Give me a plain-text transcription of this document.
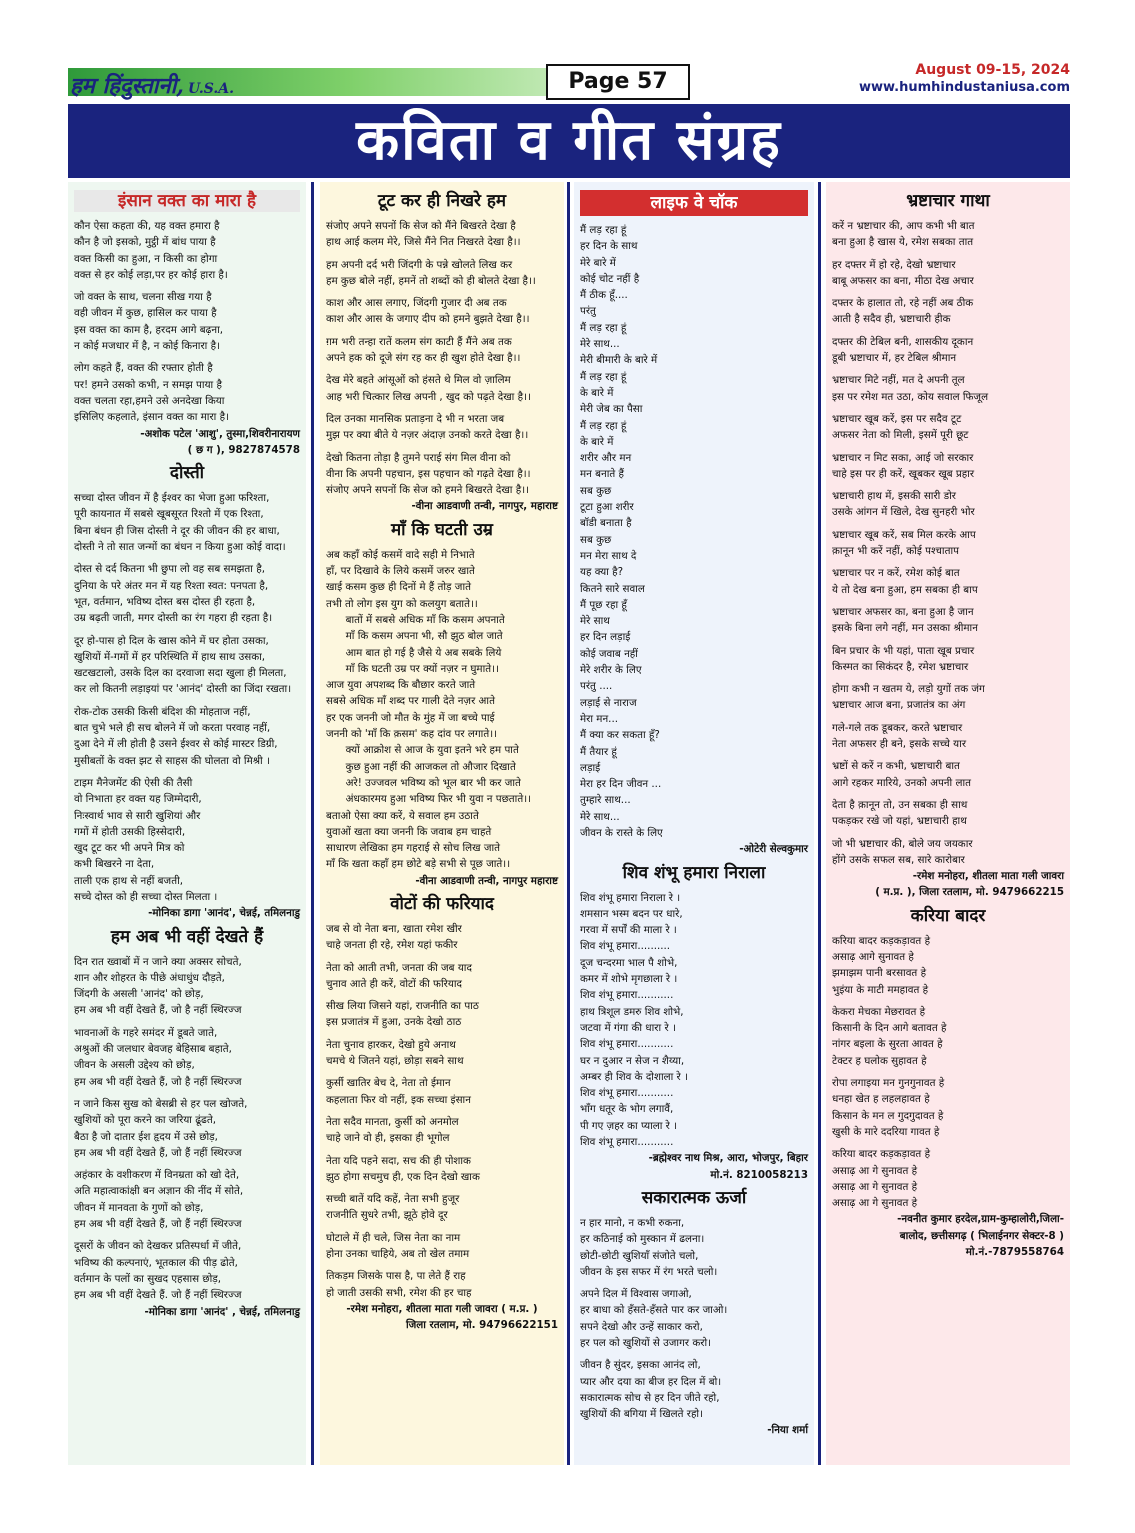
हम हिंदुस्तानी, U.S.A.	Page 57	August 09-15, 2024
www.humhindustaniusa.com
कविता व गीत संग्रह
इंसान वक्त का मारा है
कौन ऐसा कहता की, यह वक्त हमारा है
कौन है जो इसको, मुट्ठी में बांध पाया है
वक्त किसी का हुआ, न किसी का होगा
वक्त से हर कोई लड़ा,पर हर कोई हारा है।
जो वक्त के साथ, चलना सीख गया है
वही जीवन में कुछ, हासिल कर पाया है
इस वक्त का काम है, हरदम आगे बढ़ना,
न कोई मजधार में है, न कोई किनारा है।
लोग कहते हैं, वक्त की रफ्तार होती है
पर! हमने उसको कभी, न समझ पाया है
वक्त चलता रहा,हमने उसे अनदेखा किया
इसिलिए कहलाते, इंसान वक्त का मारा है।
-अशोक पटेल 'आशु', तुस्मा,शिवरीनारायण
( छ ग ), 9827874578
दोस्ती
सच्चा दोस्त जीवन में है ईश्वर का भेजा हुआ फरिश्ता,
पूरी कायनात में सबसे खूबसूरत रिश्तो में एक रिश्ता,
बिना बंधन ही जिस दोस्ती ने दूर की जीवन की हर बाधा,
दोस्ती ने तो सात जन्मों का बंधन न किया हुआ कोई वादा।
दोस्त से दर्द कितना भी छुपा लो वह सब समझता है,
दुनिया के परे अंतर मन में यह रिश्ता स्वत: पनपता है,
भूत, वर्तमान, भविष्य दोस्त बस दोस्त ही रहता है,
उम्र बढ़ती जाती, मगर दोस्ती का रंग गहरा ही रहता है।
दूर हो-पास हो दिल के खास कोने में घर होता उसका,
खुशियों में-गमों में हर परिस्थिति में हाथ साथ उसका,
खटखटालो, उसके दिल का दरवाजा सदा खुला ही मिलता,
कर लो कितनी लड़ाइयां पर 'आनंद' दोस्ती का जिंदा रखता।
रोक-टोक उसकी किसी बंदिश की मोहताज नहीं,
बात चुभे भले ही सच बोलने में जो करता परवाह नहीं,
दुआ देने में ली होती है उसने ईश्वर से कोई मास्टर डिग्री,
मुसीबतों के वक्त झट से साहस की घोलता वो मिश्री ।
टाइम मैनेजमेंट की ऐसी की तैसी
वो निभाता हर वक्त यह जिम्मेदारी,
निःस्वार्थ भाव से सारी खुशियां और
गमों में होती उसकी हिस्सेदारी,
खुद टूट कर भी अपने मित्र को
कभी बिखरने ना देता,
ताली एक हाथ से नहीं बजती,
सच्चे दोस्त को ही सच्चा दोस्त मिलता ।
-मोनिका डागा 'आनंद', चेन्नई, तमिलनाडु
हम अब भी वहीं देखते हैं
दिन रात ख्वाबों में न जाने क्या अक्सर सोचते,
शान और शोहरत के पीछे अंधाधुंध दौड़ते,
जिंदगी के असली 'आनंद' को छोड़,
हम अब भी वहीं देखते हैं, जो है नहीं स्थिरज्ज
भावनाओं के गहरे समंदर में डूबते जाते,
अश्रुओं की जलधार बेवजह बेहिसाब बहाते,
जीवन के असली उद्देश्य को छोड़,
हम अब भी वहीं देखते हैं, जो है नहीं स्थिरज्ज
न जाने किस सुख को बेसब्री से हर पल खोजते,
खुशियों को पूरा करने का जरिया ढूंढते,
बैठा है जो दातार ईश हृदय में उसे छोड़,
हम अब भी वहीं देखते हैं, जो हैं नहीं स्थिरज्ज
अहंकार के वशीकरण में विनम्रता को खो देते,
अति महात्वाकांक्षी बन अज्ञान की नींद में सोते,
जीवन में मानवता के गुणों को छोड़,
हम अब भी वहीं देखते हैं, जो हैं नहीं स्थिरज्ज
दूसरों के जीवन को देखकर प्रतिस्पर्धा में जीते,
भविष्य की कल्पनाएं, भूतकाल की पीड़ ढोते,
वर्तमान के पलों का सुखद एहसास छोड़,
हम अब भी वहीं देखते हैं. जो हैं नहीं स्थिरज्ज
-मोनिका डागा 'आनंद' , चेन्नई, तमिलनाडु
टूट कर ही निखरे हम
संजोए अपने सपनों कि सेज को मैंने बिखरते देखा है
हाथ आई कलम मेरे, जिसे मैंने नित निखरते देखा है।।
हम अपनी दर्द भरी जिंदगी के पन्ने खोलते लिख कर
हम कुछ बोले नहीं, हमनें तो शब्दों को ही बोलते देखा है।।
काश और आस लगाए, जिंदगी गुजार दी अब तक
काश और आस के जगाए दीप को हमने बुझते देखा है।।
ग़म भरी तन्हा रातें कलम संग काटी हैं मैंने अब तक
अपने हक को दूजे संग रह कर ही खुश होते देखा है।।
देख मेरे बहते आंसूओं को हंसते थे मिल वो ज़ालिम
आह भरी चित्कार लिख अपनी , खुद को पढ़ते देखा है।।
दिल उनका मानसिक प्रताड़ना दे भी न भरता जब
मुझ पर क्या बीते ये नज़र अंदाज़ उनको करते देखा है।।
देखो कितना तोड़ा है तुमने पराई संग मिल वीना को
वीना कि अपनी पहचान, इस पहचान को गढ़ते देखा है।।
संजोए अपने सपनों कि सेज को हमने बिखरते देखा है।।
-वीना आडवाणी तन्वी, नागपुर, महाराष्ट
माँ कि घटती उम्र
अब कहाँ कोई कसमें वादे सही मे निभाते
हाँ, पर दिखावे के लिये कसमें जरुर खाते
खाई कसम कुछ ही दिनों मे हैं तोड़ जाते
तभी तो लोग इस युग को कलयुग बताते।।
बातों में सबसे अधिक माँ कि कसम अपनाते
माँ कि कसम अपना भी, सौ झुठ बोल जाते
आम बात हो गई है जैसे ये अब सबके लिये
माँ कि घटती उम्र पर क्यों नज़र न घुमाते।।
आज युवा अपशब्द कि बौछार करते जाते
सबसे अधिक माँ शब्द पर गाली देते नज़र आते
हर एक जननी जो मौत के मुंह में जा बच्चे पाई
जननी को 'माँ कि क़सम' कह दांव पर लगाते।।
क्यों आक्रोश से आज के युवा इतने भरे हम पाते
कुछ हुआ नहीं की आजकल तो औजार दिखाते
अरे! उज्जवल भविष्य को भूल बार भी कर जाते
अंधकारमय हुआ भविष्य फिर भी युवा न पछताते।।
बताओ ऐसा क्या करें, ये सवाल हम उठाते
युवाओं खता क्या जननी कि जवाब हम चाहते
साधारण लेखिका हम गहराई से सोच लिख जाते
माँ कि खता कहाँ हम छोटे बड़े सभी से पूछ जाते।।
-वीना आडवाणी तन्वी, नागपुर महाराष्ट
वोटों की फरियाद
जब से वो नेता बना, खाता रमेश खीर
चाहे जनता ही रहे, रमेश यहां फकीर
नेता को आती तभी, जनता की जब याद
चुनाव आते ही करें, वोटों की फरियाद
सीख लिया जिसने यहां, राजनीति का पाठ
इस प्रजातंत्र में हुआ, उनके देखो ठाठ
नेता चुनाव हारकर, देखो हुये अनाथ
चमचे थे जितने यहां, छोड़ा सबने साथ
कुर्सी खातिर बेच दे, नेता तो ईमान
कहलाता फिर वो नहीं, इक सच्चा इंसान
नेता सदैव मानता, कुर्सी को अनमोल
चाहे जाने वो ही, इसका ही भूगोल
नेता यदि पहने सदा, सच की ही पोशाक
झुठ होगा सचमुच ही, एक दिन देखो खाक
सच्ची बातें यदि कहें, नेता सभी हुजूर
राजनीति सुधरे तभी, झूठे होवे दूर
घोटाले में ही चले, जिस नेता का नाम
होना उनका चाहिये, अब तो खेल तमाम
तिकड़म जिसके पास है, पा लेते हैं राह
हो जाती उसकी सभी, रमेश की हर चाह
-रमेश मनोहरा, शीतला माता गली जावरा ( म.प्र. )
जिला रतलाम, मो. 94796622151
लाइफ वे चॉक
मैं लड़ रहा हूं
हर दिन के साथ
मेरे बारे में
कोई चोट नहीं है
मैं ठीक हूँ....
परंतु
मैं लड़ रहा हूं
मेरे साथ...
मेरी बीमारी के बारे में
मैं लड़ रहा हूं
के बारे में
मेरी जेब का पैसा
मैं लड़ रहा हूं
के बारे में
शरीर और मन
मन बनाते हैं
सब कुछ
टूटा हुआ शरीर
बॉडी बनाता है
सब कुछ
मन मेरा साथ दे
यह क्या है?
कितने सारे सवाल
मैं पूछ रहा हूँ
मेरे साथ
हर दिन लड़ाई
कोई जवाब नहीं
मेरे शरीर के लिए
परंतु ....
लड़ाई से नाराज
मेरा मन...
मैं क्या कर सकता हूँ?
मैं तैयार हूं
लड़ाई
मेरा हर दिन जीवन ...
तुम्हारे साथ...
मेरे साथ...
जीवन के रास्ते के लिए
-ओटेरी सेल्वकुमार
शिव शंभू हमारा निराला
शिव शंभू हमारा निराला रे ।
शमसान भस्म बदन पर धारे,
गरवा में सर्पों की माला रे ।
शिव शंभू हमारा..........
दूज चन्दरमा भाल पै शोभे,
कमर में शोभे मृगछाला रे ।
शिव शंभू हमारा...........
हाथ त्रिशूल डमरु शिव शोभे,
जटवा में गंगा की धारा रे ।
शिव शंभू हमारा...........
घर न दुआर न सेज न शैय्या,
अम्बर ही शिव के दोशाला रे ।
शिव शंभू हमारा...........
भाँग धतूर के भोग लगावैं,
पी गए ज़हर का प्याला रे ।
शिव शंभू हमारा...........
-ब्रह्मेश्वर नाथ मिश्र, आरा, भोजपुर, बिहार
मो.नं. 8210058213
सकारात्मक ऊर्जा
न हार मानो, न कभी रुकना,
हर कठिनाई को मुस्कान में ढलना।
छोटी-छोटी खुशियाँ संजोते चलो,
जीवन के इस सफर में रंग भरते चलो।
अपने दिल में विश्वास जगाओ,
हर बाधा को हँसते-हँसते पार कर जाओ।
सपने देखो और उन्हें साकार करो,
हर पल को खुशियों से उजागर करो।
जीवन है सुंदर, इसका आनंद लो,
प्यार और दया का बीज हर दिल में बो।
सकारात्मक सोच से हर दिन जीते रहो,
खुशियों की बगिया में खिलते रहो।
-निया शर्मा
भ्रष्टाचार गाथा
करें न भ्रष्टाचार की, आप कभी भी बात
बना हुआ है खास ये, रमेश सबका तात
हर दफ्तर में हो रहे, देखो भ्रष्टाचार
बाबू अफसर का बना, मीठा देख अचार
दफ्तर के हालात तो, रहे नहीं अब ठीक
आती है सदैव ही, भ्रष्टाचारी हीक
दफ्तर की टेबिल बनी, शासकीय दूकान
डूबी भ्रष्टाचार में, हर टेबिल श्रीमान
भ्रष्टाचार मिटे नहीं, मत दे अपनी तूल
इस पर रमेश मत उठा, कोय सवाल फिजूल
भ्रष्टाचार खूब करें, इस पर सदैव टूट
अफसर नेता को मिली, इसमें पूरी छूट
भ्रष्टाचार न मिट सका, आई जो सरकार
चाहे इस पर ही करें, खूबकर खूब प्रहार
भ्रष्टाचारी हाथ में, इसकी सारी डोर
उसके आंगन में खिले, देख सुनहरी भोर
भ्रष्टाचार खूब करें, सब मिल करके आप
क़ानून भी करें नहीं, कोई पश्चाताप
भ्रष्टाचार पर न करें, रमेश कोई बात
ये तो देख बना हुआ, हम सबका ही बाप
भ्रष्टाचार अफसर का, बना हुआ है जान
इसके बिना लगे नहीं, मन उसका श्रीमान
बिन प्रचार के भी यहां, पाता खूब प्रचार
किस्मत का सिकंदर है, रमेश भ्रष्टाचार
होगा कभी न खतम ये, लड़ो युगों तक जंग
भ्रष्टाचार आज बना, प्रजातंत्र का अंग
गले-गले तक डूबकर, करते भ्रष्टाचार
नेता अफसर ही बने, इसके सच्चे यार
भ्रष्टों से करें न कभी, भ्रष्टाचारी बात
आगे रहकर मारिये, उनको अपनी लात
देता है क़ानून तो, उन सबका ही साथ
पकड़कर रखे जो यहां, भ्रष्टाचारी हाथ
जो भी भ्रष्टाचार की, बोले जय जयकार
होंगे उसके सफल सब, सारे कारोबार
-रमेश मनोहरा, शीतला माता गली जावरा
( म.प्र. ), जिला रतलाम, मो. 9479662215
करिया बादर
करिया बादर कड़कड़ावत हे
असाढ़ आगे सुनावत हे
झमाझम पानी बरसावत हे
भुइंया के माटी ममहावत हे
केकरा मेचका मेछरावत हे
किसानी के दिन आगे बतावत हे
नांगर बइला के सुरता आवत हे
टेक्टर ह घलोक सुहावत हे
रोपा लगाइया मन गुनगुनावत हे
धनहा खेत ह लहलहावत हे
किसान के मन ल गुदगुदावत हे
खुसी के मारे ददरिया गावत हे
करिया बादर कड़कड़ावत हे
असाढ़ आ गे सुनावत हे
असाढ़ आ गे सुनावत हे
असाढ़ आ गे सुनावत हे
-नवनीत कुमार हरदेल,ग्राम-कुम्हालोरी,जिला-
बालोद, छत्तीसगढ़ ( भिलाईनगर सेक्टर-8 )
मो.नं.-7879558764
